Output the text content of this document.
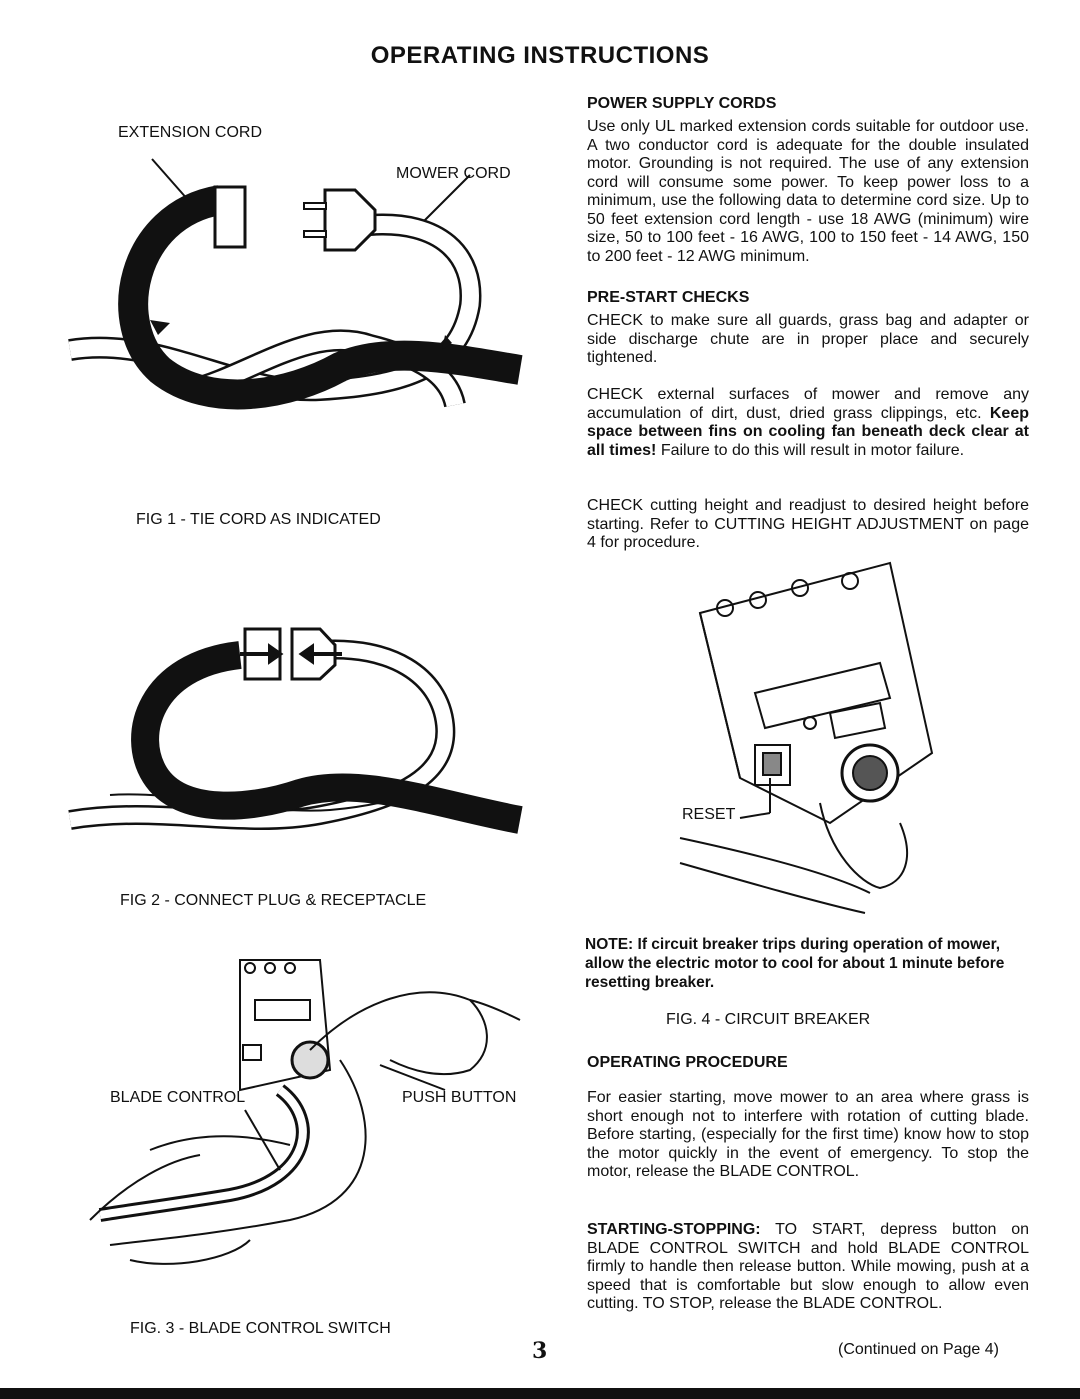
OPERATING INSTRUCTIONS
EXTENSION CORD
MOWER CORD
FIG 1 - TIE CORD AS INDICATED
FIG 2 - CONNECT PLUG & RECEPTACLE
BLADE CONTROL	PUSH BUTTON
FIG. 3 - BLADE CONTROL SWITCH
3
POWER SUPPLY CORDS
Use only UL marked extension cords suitable for outdoor use. A two conductor cord is adequate for the double insulated motor. Grounding is not required. The use of any extension cord will consume some power. To keep power loss to a minimum, use the following data to determine cord size. Up to 50 feet extension cord length - use 18 AWG (minimum) wire size, 50 to 100 feet - 16 AWG, 100 to 150 feet - 14 AWG, 150 to 200 feet - 12 AWG minimum.
PRE-START CHECKS
CHECK to make sure all guards, grass bag and adapter or side discharge chute are in proper place and securely tightened.
CHECK external surfaces of mower and remove any accumulation of dirt, dust, dried grass clippings, etc. Keep space between fins on cooling fan beneath deck clear at all times! Failure to do this will result in motor failure.
CHECK cutting height and readjust to desired height before starting. Refer to CUTTING HEIGHT ADJUSTMENT on page 4 for procedure.
RESET
NOTE: If circuit breaker trips during operation of mower, allow the electric motor to cool for about 1 minute before resetting breaker.
FIG. 4 - CIRCUIT BREAKER
OPERATING PROCEDURE
For easier starting, move mower to an area where grass is short enough not to interfere with rotation of cutting blade. Before starting, (especially for the first time) know how to stop the motor quickly in the event of emergency. To stop the motor, release the BLADE CONTROL.
STARTING-STOPPING: TO START, depress button on BLADE CONTROL SWITCH and hold BLADE CONTROL firmly to handle then release button. While mowing, push at a speed that is comfortable but slow enough to allow even cutting. TO STOP, release the BLADE CONTROL.
(Continued on Page 4)
